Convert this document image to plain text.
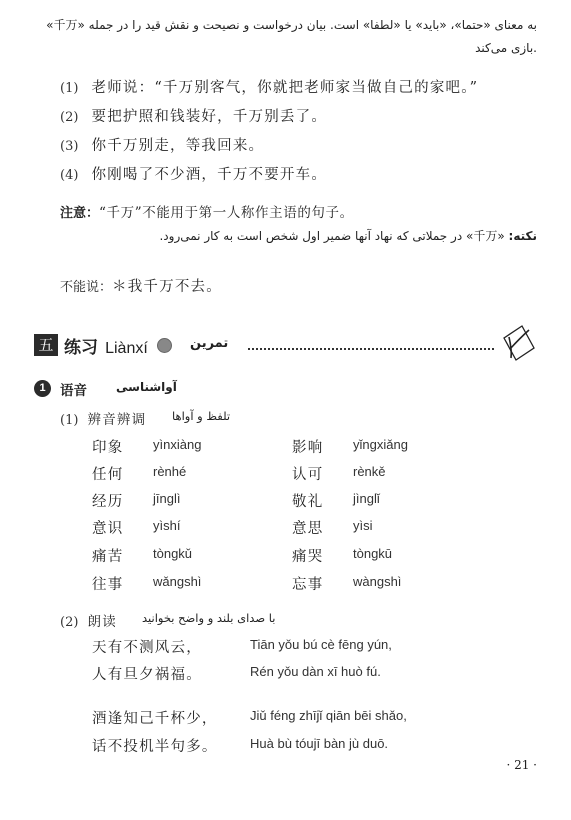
«千万» به معنای «حتما»، «باید» یا «لطفا» است. بیان درخواست و نصیحت و نقش قید را در جمله بازی می‌کند.
(1) 老师说：“千万别客气，你就把老师家当做自己的家吧。”
(2) 要把护照和钱装好，千万别丢了。
(3) 你千万别走，等我回来。
(4) 你刚喝了不少酒，千万不要开车。
注意：“千万”不能用于第一人称作主语的句子。
نکته: «千万» در جملاتی که نهاد آنها ضمیر اول شخص است به کار نمی‌رود.
不能说：＊我千万不去。
五 练习 Liànxí	تمرین
1	语音 آواشناسی
(1) 辨音辨调 تلفظ و آواها
印象 yìnxiàng	影响 yǐngxiǎng
任何 rènhé	认可 rènkě
经历 jīnglì	敬礼 jìnglǐ
意识 yìshí	意思 yìsi
痛苦 tòngkǔ	痛哭 tòngkū
往事 wǎngshì	忘事 wàngshì
(2) 朗读 با صدای بلند و واضح بخوانید
天有不测风云，	Tiān yǒu bú cè fēng yún,
人有旦夕祸福。	Rén yǒu dàn xī huò fú.
酒逢知己千杯少， Jiǔ féng zhījǐ qiān bēi shǎo,
话不投机半句多。 Huà bù tóujī bàn jù duō.
· 21 ·
